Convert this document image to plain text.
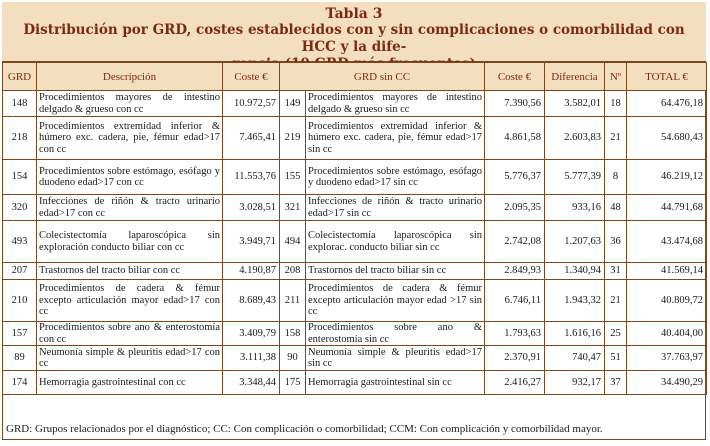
Tabla 3
Distribución por GRD, costes establecidos con y sin complicaciones o comorbilidad con HCC y la dife-

GRD	Descripción	Coste €	GRD sin CC		Coste €	Diferencia	Nº	TOTAL €
148	Procedimientos mayores de intestino delgado & grueso con cc	10.972,57	149	Procedimientos mayores de intestino delgado & grueso sin cc	7.390,56	3.582,01	18	64.476,18
218	Procedimientos extremidad inferior & húmero exc. cadera, pie, fémur edad>17 con cc	7.465,41	219	Procedimientos extremidad inferior & húmero exc. cadera, pie, fémur edad>17 sin cc	4.861,58	2.603,83	21	54.680,43
154	Procedimientos sobre estómago, esófago y duodeno edad>17 con cc	11.553,76	155	Procedimientos sobre estómago, esófago y duodeno edad>17 sin cc	5.776,37	5.777,39	8	46.219,12
320	Infecciones de riñón & tracto urinario edad>17 con cc	3.028,51	321	Infecciones de riñón & tracto urinario edad>17 sin cc	2.095,35	933,16	48	44.791,68
493	Colecistectomía laparoscópica sin exploración conducto biliar con cc	3.949,71	494	Colecistectomía laparoscópica sin explorac. conducto biliar sin cc	2.742,08	1.207,63	36	43.474,68
207	Trastornos del tracto biliar con cc	4.190,87	208	Trastornos del tracto biliar sin cc	2.849,93	1.340,94	31	41.569,14
210	Procedimientos de cadera & fémur excepto articulación mayor edad>17 con cc	8.689,43	211	Procedimientos de cadera & fémur excepto articulación mayor edad >17 sin cc	6.746,11	1.943,32	21	40.809,72
157	Procedimientos sobre ano & enterostomía con cc	3.409,79	158	Procedimientos sobre ano & enterostomía sin cc	1.793,63	1.616,16	25	40.404,00
89	Neumonía simple & pleuritis edad>17 con cc	3.111,38	90	Neumonía simple & pleuritis edad>17 sin cc	2.370,91	740,47	51	37.763,97
174	Hemorragia gastrointestinal con cc	3.348,44	175	Hemorragia gastrointestinal sin cc	2.416,27	932,17	37	34.490,29
GRD: Grupos relacionados por el diagnóstico; CC: Con complicación o comorbilidad; CCM: Con complicación y comorbilidad mayor.
